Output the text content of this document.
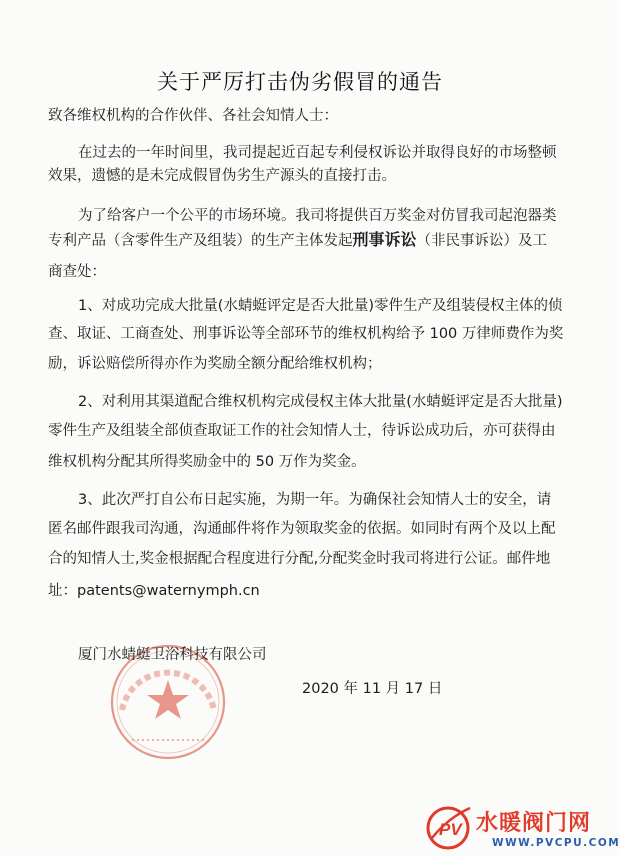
关于严厉打击伪劣假冒的通告
致各维权机构的合作伙伴、各社会知情人士：
在过去的一年时间里，我司提起近百起专利侵权诉讼并取得良好的市场整顿
效果，遗憾的是未完成假冒伪劣生产源头的直接打击。
为了给客户一个公平的市场环境。我司将提供百万奖金对仿冒我司起泡器类
专利产品（含零件生产及组装）的生产主体发起刑事诉讼（非民事诉讼）及工
商查处：
1、对成功完成大批量(水蜻蜓评定是否大批量)零件生产及组装侵权主体的侦
查、取证、工商查处、刑事诉讼等全部环节的维权机构给予 100 万律师费作为奖
励，诉讼赔偿所得亦作为奖励全额分配给维权机构；
2、对利用其渠道配合维权机构完成侵权主体大批量(水蜻蜓评定是否大批量)
零件生产及组装全部侦查取证工作的社会知情人士，待诉讼成功后，亦可获得由
维权机构分配其所得奖励金中的 50 万作为奖金。
3、此次严打自公布日起实施，为期一年。为确保社会知情人士的安全，请
匿名邮件跟我司沟通，沟通邮件将作为领取奖金的依据。如同时有两个及以上配
合的知情人士,奖金根据配合程度进行分配,分配奖金时我司将进行公证。邮件地
址：patents@waternymph.cn
厦门水蜻蜓卫浴科技有限公司
2020 年 11 月 17 日
PV 水暖阀门网
WWW.PVCPU.COM
